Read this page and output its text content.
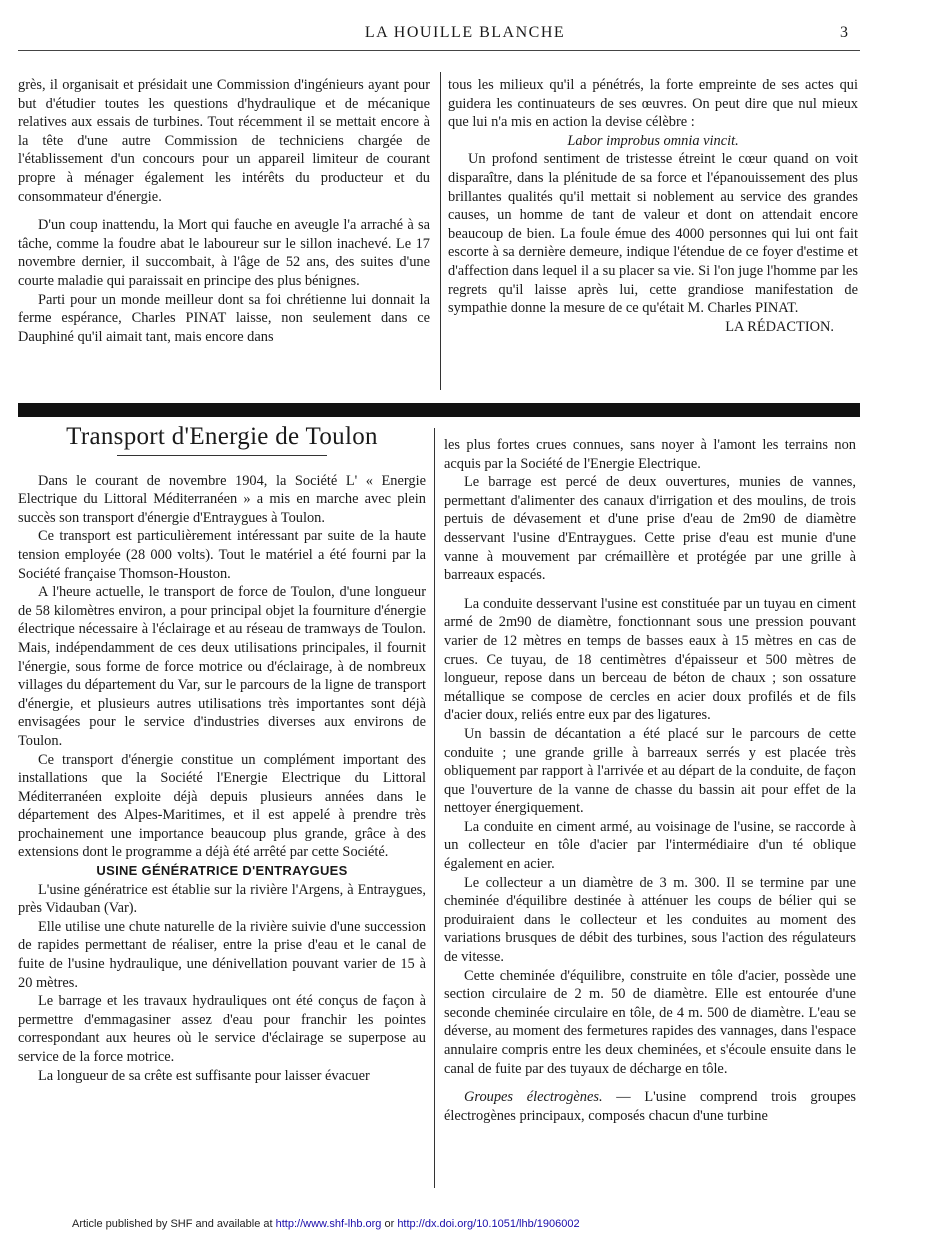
LA HOUILLE BLANCHE	3

grès, il organisait et présidait une Commission d'ingénieurs ayant pour but d'étudier toutes les questions d'hydraulique et de mécanique relatives aux essais de turbines. Tout récemment il se mettait encore à la tête d'une autre Commission de techniciens chargée de l'établissement d'un concours pour un appareil limiteur de courant propre à ménager également les intérêts du producteur et du consommateur d'énergie.

D'un coup inattendu, la Mort qui fauche en aveugle l'a arraché à sa tâche, comme la foudre abat le laboureur sur le sillon inachevé. Le 17 novembre dernier, il succombait, à l'âge de 52 ans, des suites d'une courte maladie qui paraissait en principe des plus bénignes.

Parti pour un monde meilleur dont sa foi chrétienne lui donnait la ferme espérance, Charles PINAT laisse, non seulement dans ce Dauphiné qu'il aimait tant, mais encore dans

tous les milieux qu'il a pénétrés, la forte empreinte de ses actes qui guidera les continuateurs de ses œuvres. On peut dire que nul mieux que lui n'a mis en action la devise célèbre :

Labor improbus omnia vincit.

Un profond sentiment de tristesse étreint le cœur quand on voit disparaître, dans la plénitude de sa force et l'épanouissement des plus brillantes qualités qu'il mettait si noblement au service des grandes causes, un homme de tant de valeur et dont on attendait encore beaucoup de bien. La foule émue des 4000 personnes qui lui ont fait escorte à sa dernière demeure, indique l'étendue de ce foyer d'estime et d'affection dans lequel il a su placer sa vie. Si l'on juge l'homme par les regrets qu'il laisse après lui, cette grandiose manifestation de sympathie donne la mesure de ce qu'était M. Charles PINAT.

LA RÉDACTION.

Transport d'Energie de Toulon

Dans le courant de novembre 1904, la Société L' « Energie Electrique du Littoral Méditerranéen » a mis en marche avec plein succès son transport d'énergie d'Entraygues à Toulon.

Ce transport est particulièrement intéressant par suite de la haute tension employée (28 000 volts). Tout le matériel a été fourni par la Société française Thomson-Houston.

A l'heure actuelle, le transport de force de Toulon, d'une longueur de 58 kilomètres environ, a pour principal objet la fourniture d'énergie électrique nécessaire à l'éclairage et au réseau de tramways de Toulon. Mais, indépendamment de ces deux utilisations principales, il fournit l'énergie, sous forme de force motrice ou d'éclairage, à de nombreux villages du département du Var, sur le parcours de la ligne de transport d'énergie, et plusieurs autres utilisations très importantes sont déjà envisagées pour le service d'industries diverses aux environs de Toulon.

Ce transport d'énergie constitue un complément important des installations que la Société l'Energie Electrique du Littoral Méditerranéen exploite déjà depuis plusieurs années dans le département des Alpes-Maritimes, et il est appelé à prendre très prochainement une importance beaucoup plus grande, grâce à des extensions dont le programme a déjà été arrêté par cette Société.

USINE GÉNÉRATRICE D'ENTRAYGUES

L'usine génératrice est établie sur la rivière l'Argens, à Entraygues, près Vidauban (Var).

Elle utilise une chute naturelle de la rivière suivie d'une succession de rapides permettant de réaliser, entre la prise d'eau et le canal de fuite de l'usine hydraulique, une dénivellation pouvant varier de 15 à 20 mètres.

Le barrage et les travaux hydrauliques ont été conçus de façon à permettre d'emmagasiner assez d'eau pour franchir les pointes correspondant aux heures où le service d'éclairage se superpose au service de la force motrice.

La longueur de sa crête est suffisante pour laisser évacuer

les plus fortes crues connues, sans noyer à l'amont les terrains non acquis par la Société de l'Energie Electrique.

Le barrage est percé de deux ouvertures, munies de vannes, permettant d'alimenter des canaux d'irrigation et des moulins, de trois pertuis de dévasement et d'une prise d'eau de 2m90 de diamètre desservant l'usine d'Entraygues. Cette prise d'eau est munie d'une vanne à mouvement par crémaillère et protégée par une grille à barreaux espacés.

La conduite desservant l'usine est constituée par un tuyau en ciment armé de 2m90 de diamètre, fonctionnant sous une pression pouvant varier de 12 mètres en temps de basses eaux à 15 mètres en cas de crues. Ce tuyau, de 18 centimètres d'épaisseur et 500 mètres de longueur, repose dans un berceau de béton de chaux ; son ossature métallique se compose de cercles en acier doux profilés et de fils d'acier doux, reliés entre eux par des ligatures.

Un bassin de décantation a été placé sur le parcours de cette conduite ; une grande grille à barreaux serrés y est placée très obliquement par rapport à l'arrivée et au départ de la conduite, de façon que l'ouverture de la vanne de chasse du bassin ait pour effet de la nettoyer énergiquement.

La conduite en ciment armé, au voisinage de l'usine, se raccorde à un collecteur en tôle d'acier par l'intermédiaire d'un té oblique également en acier.

Le collecteur a un diamètre de 3 m. 300. Il se termine par une cheminée d'équilibre destinée à atténuer les coups de bélier qui se produiraient dans le collecteur et les conduites au moment des variations brusques de débit des turbines, sous l'action des régulateurs de vitesse.

Cette cheminée d'équilibre, construite en tôle d'acier, possède une section circulaire de 2 m. 50 de diamètre. Elle est entourée d'une seconde cheminée circulaire en tôle, de 4 m. 500 de diamètre. L'eau se déverse, au moment des fermetures rapides des vannages, dans l'espace annulaire compris entre les deux cheminées, et s'écoule ensuite dans le canal de fuite par des tuyaux de décharge en tôle.

Groupes électrogènes. — L'usine comprend trois groupes électrogènes principaux, composés chacun d'une turbine

Article published by SHF and available at http://www.shf-lhb.org or http://dx.doi.org/10.1051/lhb/1906002
